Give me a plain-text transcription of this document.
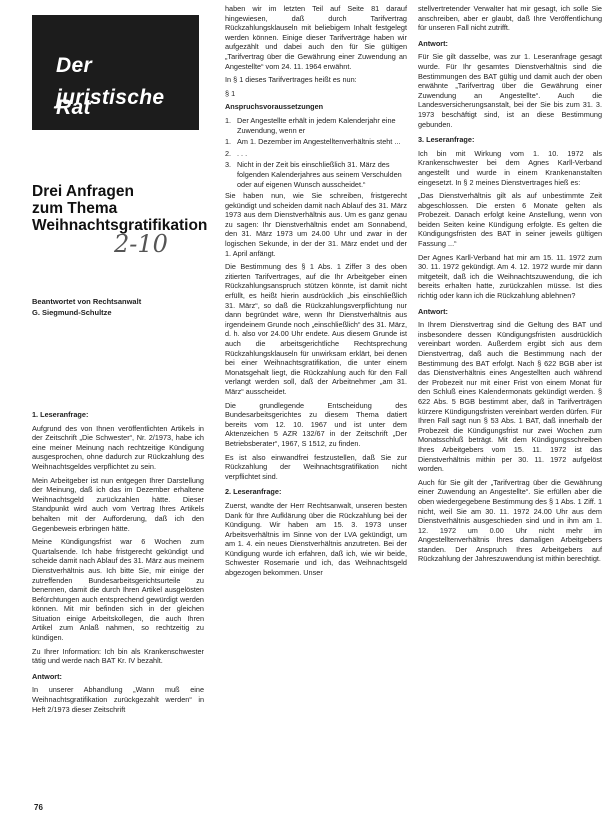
Der
juristische Rat
Drei Anfragen
zum Thema
Weihnachtsgratifikation
2-10
Beantwortet von Rechtsanwalt
G. Siegmund-Schultze

1. Leseranfrage:

Aufgrund des von Ihnen veröffentlichten Artikels in der Zeitschrift „Die Schwester“, Nr. 2/1973, habe ich eine meiner Meinung nach rechtzeitige Kündigung ausgesprochen, ohne dadurch zur Rückzahlung des Weihnachtsgeldes verpflichtet zu sein.

Mein Arbeitgeber ist nun entgegen Ihrer Darstellung der Meinung, daß ich das im Dezember erhaltene Weihnachtsgeld zurückzahlen hätte. Dieser Standpunkt wird auch vom Vertrag Ihres Artikels behalten mit der Aufforderung, daß ich den Gegenbeweis erbringen hätte.

Meine Kündigungsfrist war 6 Wochen zum Quartalsende. Ich habe fristgerecht gekündigt und scheide damit nach Ablauf des 31. März aus meinem Dienstverhältnis aus. Ich bitte Sie, mir einige der zutreffenden Bundesarbeitsgerichtsurteile zu benennen, damit die durch Ihren Artikel ausgelösten Befürchtungen auch entsprechend gewürdigt werden können. Mit mir befinden sich in der gleichen Situation einige Arbeitskollegen, die auch Ihren Artikel zum Anlaß nahmen, so rechtzeitig zu kündigen.

Zu Ihrer Information: Ich bin als Krankenschwester tätig und werde nach BAT Kr. IV bezahlt.

Antwort:

In unserer Abhandlung „Wann muß eine Weihnachtsgratifikation zurückgezahlt werden“ in Heft 2/1973 dieser Zeitschrift

haben wir im letzten Teil auf Seite 81 darauf hingewiesen, daß durch Tarifvertrag Rückzahlungsklauseln mit beliebigem Inhalt festgelegt werden können. Einige dieser Tarifverträge haben wir aufgezählt und dabei auch den für Sie gültigen „Tarifvertrag über die Gewährung einer Zuwendung an Angestellte“ vom 24. 11. 1964 erwähnt.

In § 1 dieses Tarifvertrages heißt es nun:

§ 1

Anspruchsvoraussetzungen

1. Der Angestellte erhält in jedem Kalenderjahr eine Zuwendung, wenn er
1. Am 1. Dezember im Angestelltenverhältnis steht ...
2. . . .
3. Nicht in der Zeit bis einschließlich 31. März des folgenden Kalenderjahres aus seinem Verschulden oder auf eigenen Wunsch ausscheidet.“

Sie haben nun, wie Sie schreiben, fristgerecht gekündigt und scheiden damit nach Ablauf des 31. März 1973 aus dem Dienstverhältnis aus. Um es ganz genau zu sagen: Ihr Dienstverhältnis endet am Sonnabend, den 31. März 1973 um 24.00 Uhr und zwar in der logischen Sekunde, in der der 31. März endet und der 1. April anfängt.

Die Bestimmung des § 1 Abs. 1 Ziffer 3 des oben zitierten Tarifvertrages, auf die Ihr Arbeitgeber einen Rückzahlungsanspruch stützen könnte, ist damit nicht erfüllt, es heißt hierin ausdrücklich „bis einschließlich 31. März“, so daß die Rückzahlungsverpflichtung nur dann begründet wäre, wenn Ihr Dienstverhältnis aus irgendeinem Grunde noch „einschließlich“ des 31. März, d. h. also vor 24.00 Uhr endete. Aus diesem Grunde ist auch die arbeitsgerichtliche Rechtsprechung Rückzahlungsklauseln für unwirksam erklärt, bei denen bei einer Weihnachtsgratifikation, die unter einem Monatsgehalt liegt, die Rückzahlung auch für den Fall verlangt werden soll, daß der Arbeitnehmer „am 31. März“ ausscheidet.

Die grundlegende Entscheidung des Bundesarbeitsgerichtes zu diesem Thema datiert bereits vom 12. 10. 1967 und ist unter dem Aktenzeichen 5 AZR 132/67 in der Zeitschrift „Der Betriebsberater“, 1967, S 1512, zu finden.

Es ist also einwandfrei festzustellen, daß Sie zur Rückzahlung der Weihnachtsgratifikation nicht verpflichtet sind.

2. Leseranfrage:

Zuerst, wandte der Herr Rechtsanwalt, unseren besten Dank für Ihre Aufklärung über die Rückzahlung bei der Kündigung. Wir haben am 15. 3. 1973 unser Arbeitsverhältnis im Sinne von der LVA gekündigt, um am 1. 4. ein neues Dienstverhältnis anzutreten. Bei der Kündigung wurde ich erfahren, daß ich, wie wir beide, Schwester Rosemarie und ich, das Weihnachtsgeld abgezogen bekommen. Unser

stellvertretender Verwalter hat mir gesagt, ich solle Sie anschreiben, aber er glaubt, daß Ihre Veröffentlichung für unseren Fall nicht zutrifft.

Antwort:

Für Sie gilt dasselbe, was zur 1. Leseranfrage gesagt wurde. Für Ihr gesamtes Dienstverhältnis sind die Bestimmungen des BAT gültig und damit auch der oben erwähnte „Tarifvertrag über die Gewährung einer Zuwendung an Angestellte“. Auch die Landesversicherungsanstalt, bei der Sie bis zum 31. 3. 1973 beschäftigt sind, ist an diese Bestimmung gebunden.

3. Leseranfrage:

Ich bin mit Wirkung vom 1. 10. 1972 als Krankenschwester bei dem Agnes Karll-Verband angestellt und wurde in einem Krankenanstalten eingesetzt. In § 2 meines Dienstvertrages hieß es:

„Das Dienstverhältnis gilt als auf unbestimmte Zeit abgeschlossen. Die ersten 6 Monate gelten als Probezeit. Danach erfolgt keine Anstellung, wenn von beiden Seiten keine Kündigung erfolgte. Es gelten die Kündigungsfristen des BAT in seiner jeweils gültigen Fassung ...“

Der Agnes Karll-Verband hat mir am 15. 11. 1972 zum 30. 11. 1972 gekündigt. Am 4. 12. 1972 wurde mir dann mitgeteilt, daß ich die Weihnachtszuwendung, die ich bereits erhalten hatte, zurückzahlen müsse. Ist dies richtig oder kann ich die Rückzahlung ablehnen?

Antwort:

In Ihrem Dienstvertrag sind die Geltung des BAT und insbesondere dessen Kündigungsfristen ausdrücklich vereinbart worden. Außerdem ergibt sich aus dem Dienstvertrag, daß auch die Bestimmung nach der Bestimmung des BAT erfolgt. Nach § 622 BGB aber ist das Dienstverhältnis eines Angestellten auch während der Probezeit nur mit einer Frist von einem Monat für den Schluß eines Kalendermonats gekündigt werden. § 622 Abs. 5 BGB bestimmt aber, daß in Tarifverträgen kürzere Kündigungsfristen vereinbart werden dürfen. Für Ihren Fall sagt nun § 53 Abs. 1 BAT, daß innerhalb der Probezeit die Kündigungsfrist nur zwei Wochen zum Monatsschluß beträgt. Mit dem Kündigungsschreiben Ihres Arbeitgebers vom 15. 11. 1972 ist das Dienstverhältnis mithin per 30. 11. 1972 aufgelöst worden.

Auch für Sie gilt der „Tarifvertrag über die Gewährung einer Zuwendung an Angestellte“. Sie erfüllen aber die oben wiedergegebene Bestimmung des § 1 Abs. 1 Ziff. 1 nicht, weil Sie am 30. 11. 1972 24.00 Uhr aus dem Dienstverhältnis ausgeschieden sind und in ihm am 1. 12. 1972 um 0.00 Uhr nicht mehr im Angestelltenverhältnis Ihres damaligen Arbeitgebers standen. Der Anspruch Ihres Arbeitgebers auf Rückzahlung der Jahreszuwendung ist mithin berechtigt.

76
